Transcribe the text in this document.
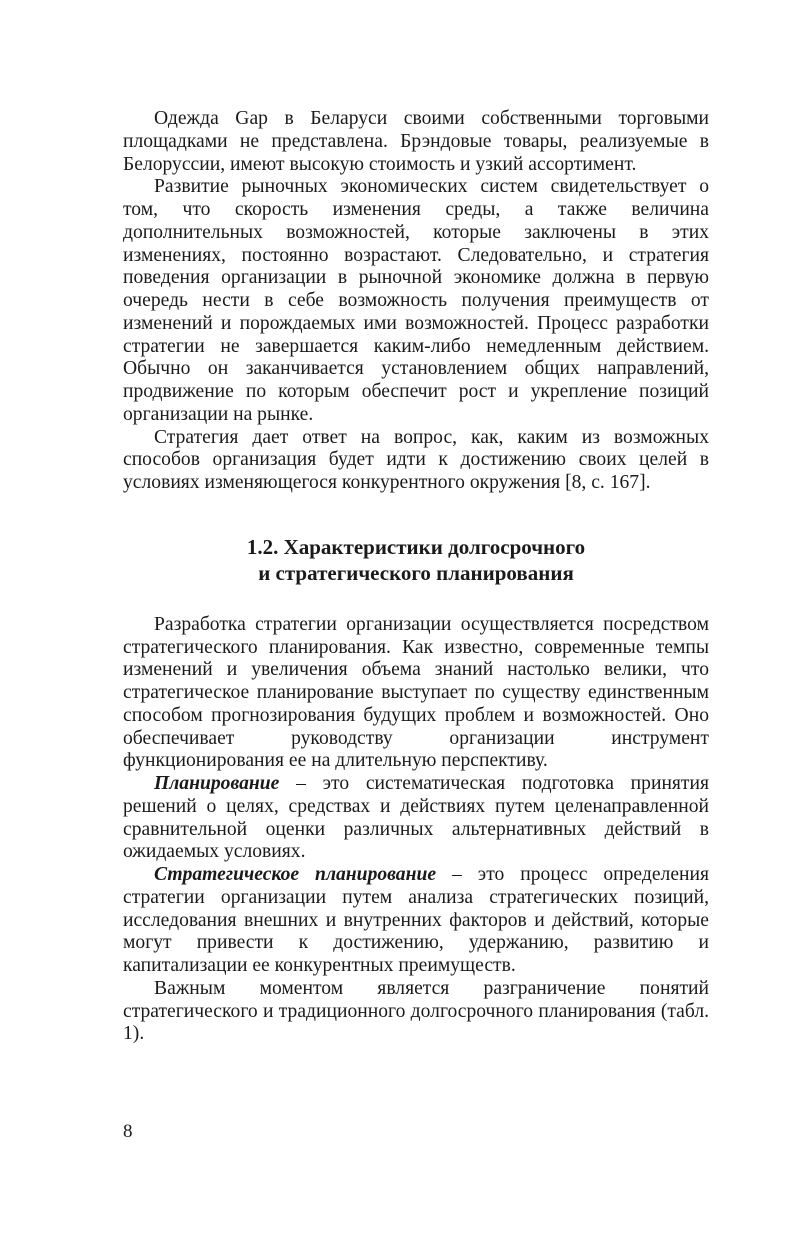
Одежда Gap в Беларуси своими собственными торговыми площадками не представлена. Брэндовые товары, реализуемые в Белоруссии, имеют высокую стоимость и узкий ассортимент.

Развитие рыночных экономических систем свидетельствует о том, что скорость изменения среды, а также величина дополнительных возможностей, которые заключены в этих изменениях, постоянно возрастают. Следовательно, и стратегия поведения организации в рыночной экономике должна в первую очередь нести в себе возможность получения преимуществ от изменений и порождаемых ими возможностей. Процесс разработки стратегии не завершается каким-либо немедленным действием. Обычно он заканчивается установлением общих направлений, продвижение по которым обеспечит рост и укрепление позиций организации на рынке.

Стратегия дает ответ на вопрос, как, каким из возможных способов организация будет идти к достижению своих целей в условиях изменяющегося конкурентного окружения [8, с. 167].

1.2. Характеристики долгосрочного
и стратегического планирования

Разработка стратегии организации осуществляется посредством стратегического планирования. Как известно, современные темпы изменений и увеличения объема знаний настолько велики, что стратегическое планирование выступает по существу единственным способом прогнозирования будущих проблем и возможностей. Оно обеспечивает руководству организации инструмент функционирования ее на длительную перспективу.

Планирование – это систематическая подготовка принятия решений о целях, средствах и действиях путем целенаправленной сравнительной оценки различных альтернативных действий в ожидаемых условиях.

Стратегическое планирование – это процесс определения стратегии организации путем анализа стратегических позиций, исследования внешних и внутренних факторов и действий, которые могут привести к достижению, удержанию, развитию и капитализации ее конкурентных преимуществ.

Важным моментом является разграничение понятий стратегического и традиционного долгосрочного планирования (табл. 1).

8
